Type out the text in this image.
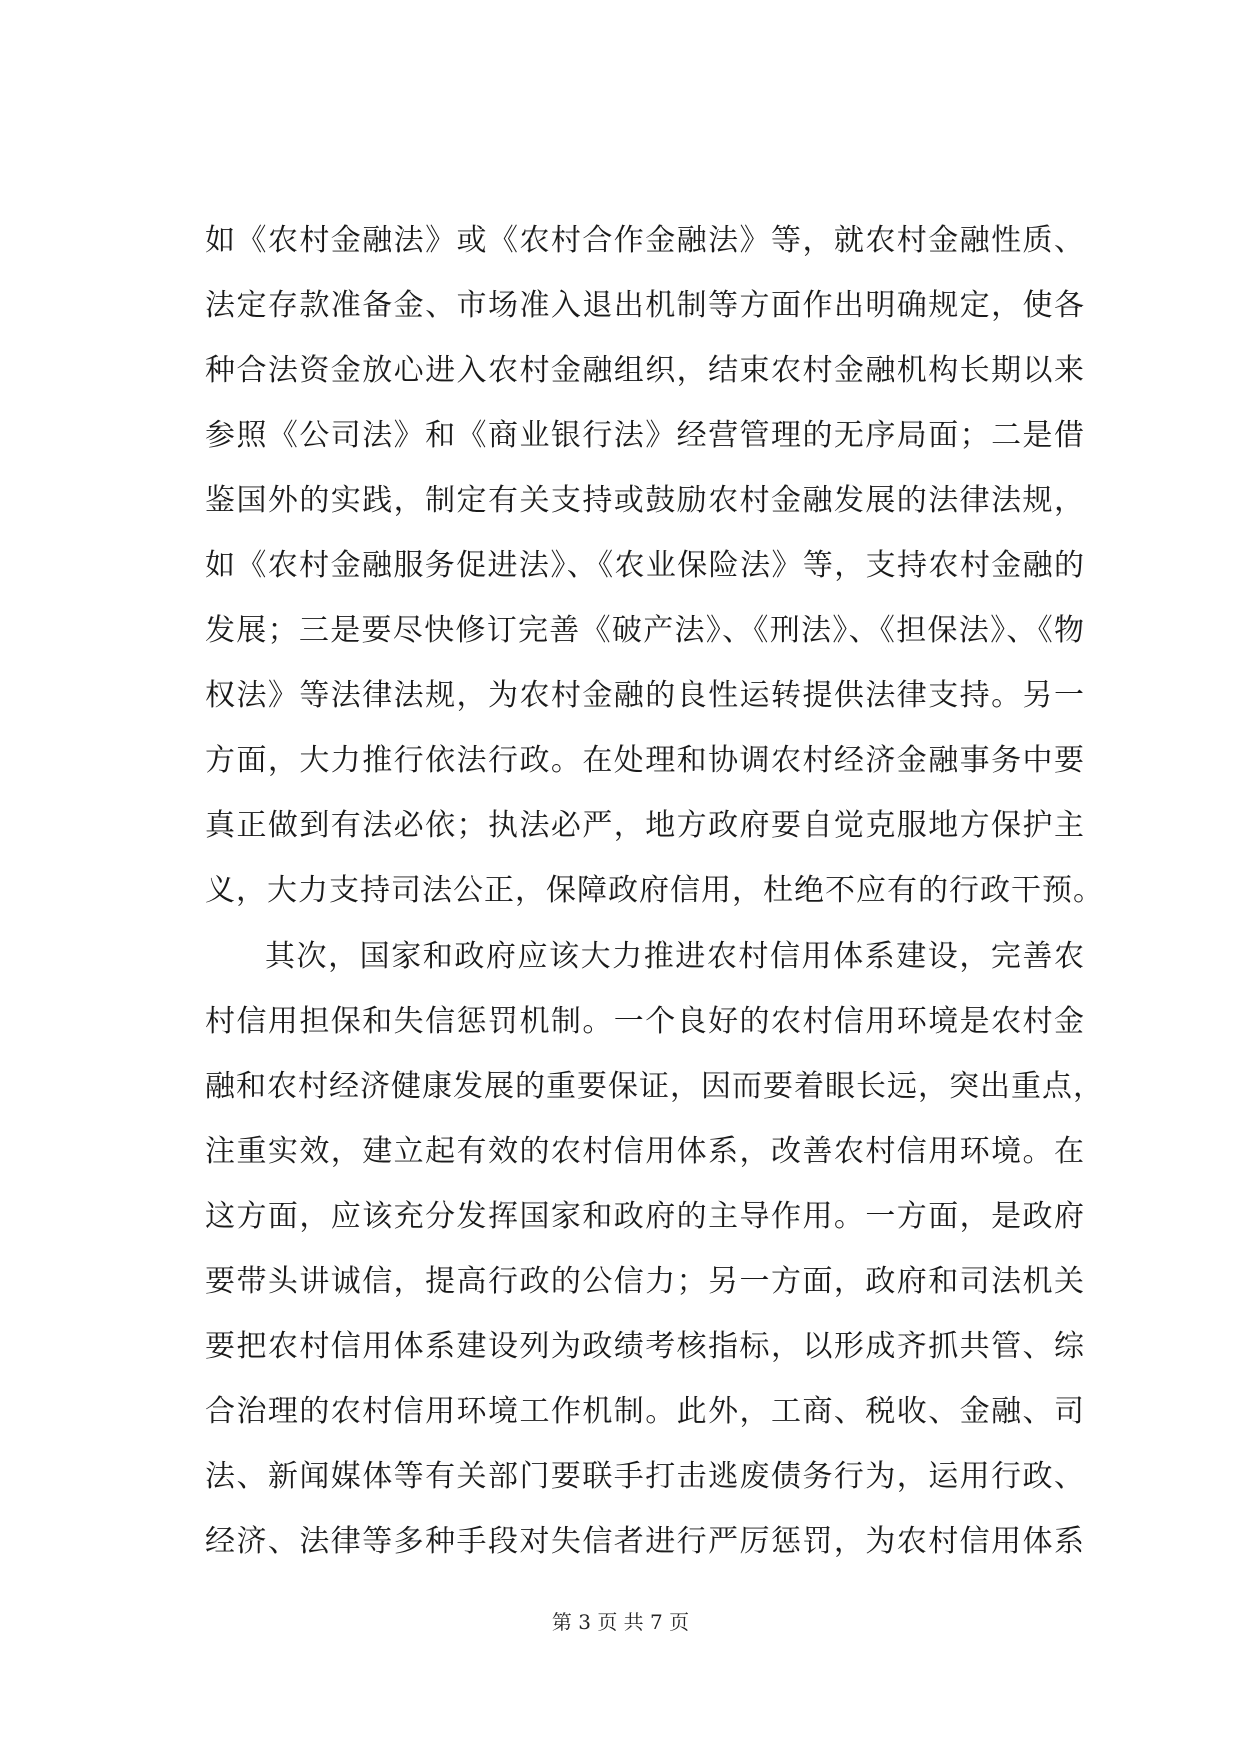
如《农村金融法》或《农村合作金融法》等，就农村金融性质、
法定存款准备金、市场准入退出机制等方面作出明确规定，使各
种合法资金放心进入农村金融组织，结束农村金融机构长期以来
参照《公司法》和《商业银行法》经营管理的无序局面；二是借
鉴国外的实践，制定有关支持或鼓励农村金融发展的法律法规，
如《农村金融服务促进法》、《农业保险法》等，支持农村金融的
发展；三是要尽快修订完善《破产法》、《刑法》、《担保法》、《物
权法》等法律法规，为农村金融的良性运转提供法律支持。另一
方面，大力推行依法行政。在处理和协调农村经济金融事务中要
真正做到有法必依；执法必严，地方政府要自觉克服地方保护主
义，大力支持司法公正，保障政府信用，杜绝不应有的行政干预。
其次，国家和政府应该大力推进农村信用体系建设，完善农
村信用担保和失信惩罚机制。一个良好的农村信用环境是农村金
融和农村经济健康发展的重要保证，因而要着眼长远，突出重点，
注重实效，建立起有效的农村信用体系，改善农村信用环境。在
这方面，应该充分发挥国家和政府的主导作用。一方面，是政府
要带头讲诚信，提高行政的公信力；另一方面，政府和司法机关
要把农村信用体系建设列为政绩考核指标，以形成齐抓共管、综
合治理的农村信用环境工作机制。此外，工商、税收、金融、司
法、新闻媒体等有关部门要联手打击逃废债务行为，运用行政、
经济、法律等多种手段对失信者进行严厉惩罚，为农村信用体系
第 3 页 共 7 页
